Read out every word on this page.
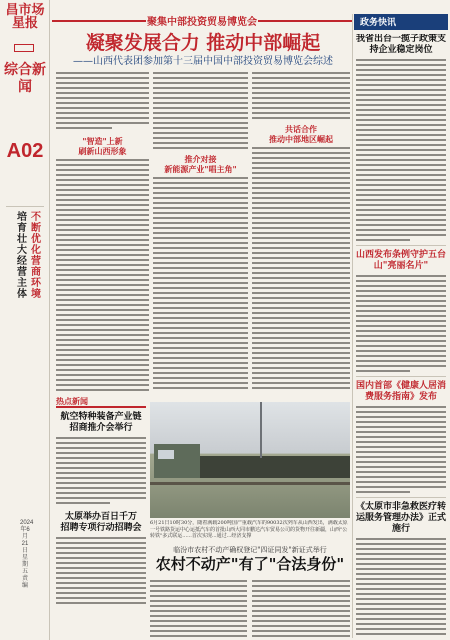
昌市场星报
综合新闻
A02
不断优化营商环境
培育壮大经营主体
2024年6月21日 星期五 责编
聚集中部投资贸易博览会
凝聚发展合力 推动中部崛起
——山西代表团参加第十三届中国中部投资贸易博览会综述
"智造"上新
刷新山西形象
推介对接
新能源产业"唱主角"
共话合作
推动中部地区崛起
热点新闻
航空特种装备产业链
招商推介会举行
太原举办百日千万
招聘专项行动招聘会	6月21日10时30分，随着满载200吨国产重载汽车的90032次列车从山西发出，满载太原一号铁路货运中心运抵汽车的首批山西大同市鹏达汽车贸易公司的货物开往新疆，山西"公转铁"多式联运......首次实现...通过...经济支撑
临汾市农村不动产确权登记"四证同发"新证式举行
农村不动产"有了"合法身份"
政务快讯
我省出台一揽子政策支持企业稳定岗位
山西发布条例守护五台山"亮丽名片"
国内首部《健康人居消费服务指南》发布
《太原市非急救医疗转运服务管理办法》正式施行
